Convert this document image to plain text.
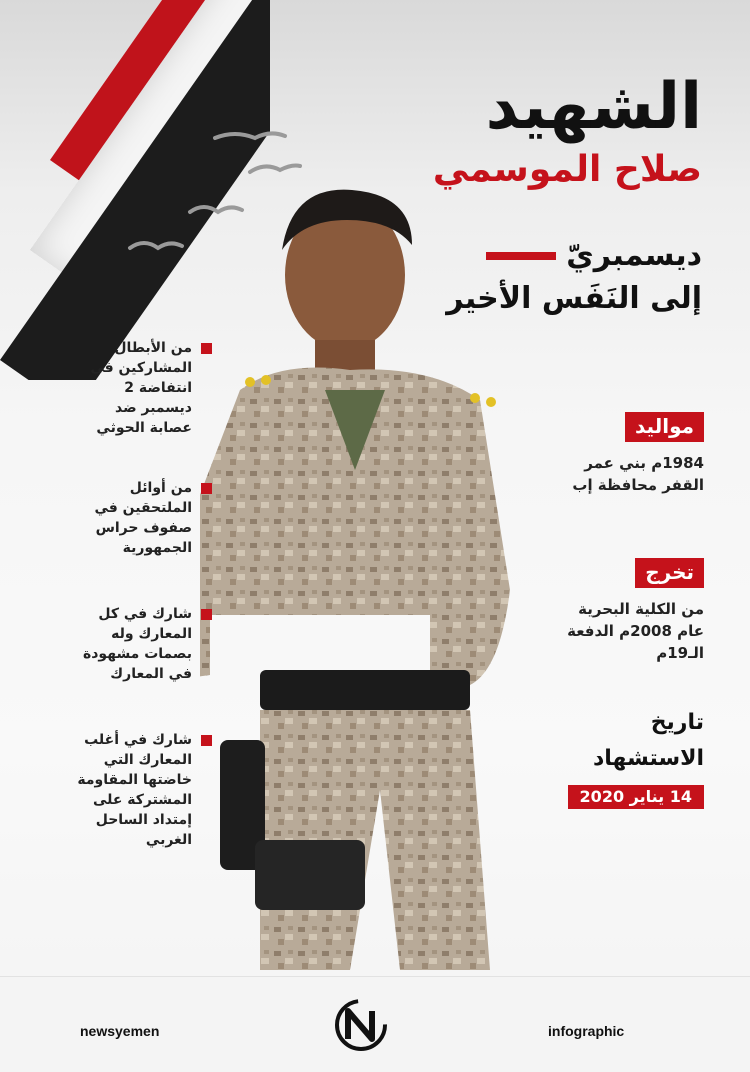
الشهيد
صلاح الموسمي
ديسمبريّ
إلى النَفَس الأخير
من الأبطال المشاركين في انتفاضة 2 ديسمبر ضد عصابة الحوثي
من أوائل الملتحقين في صفوف حراس الجمهورية
شارك في كل المعارك وله بصمات مشهودة في المعارك
شارك في أغلب المعارك التي خاضتها المقاومة المشتركة على إمتداد الساحل الغربي
مواليد
1984م بني عمر القفر محافظة إب
تخرج
من الكلية البحرية عام 2008م الدفعة الـ19م
تاريخ
الاستشهاد
14 يناير 2020
newsyemen	infographic
